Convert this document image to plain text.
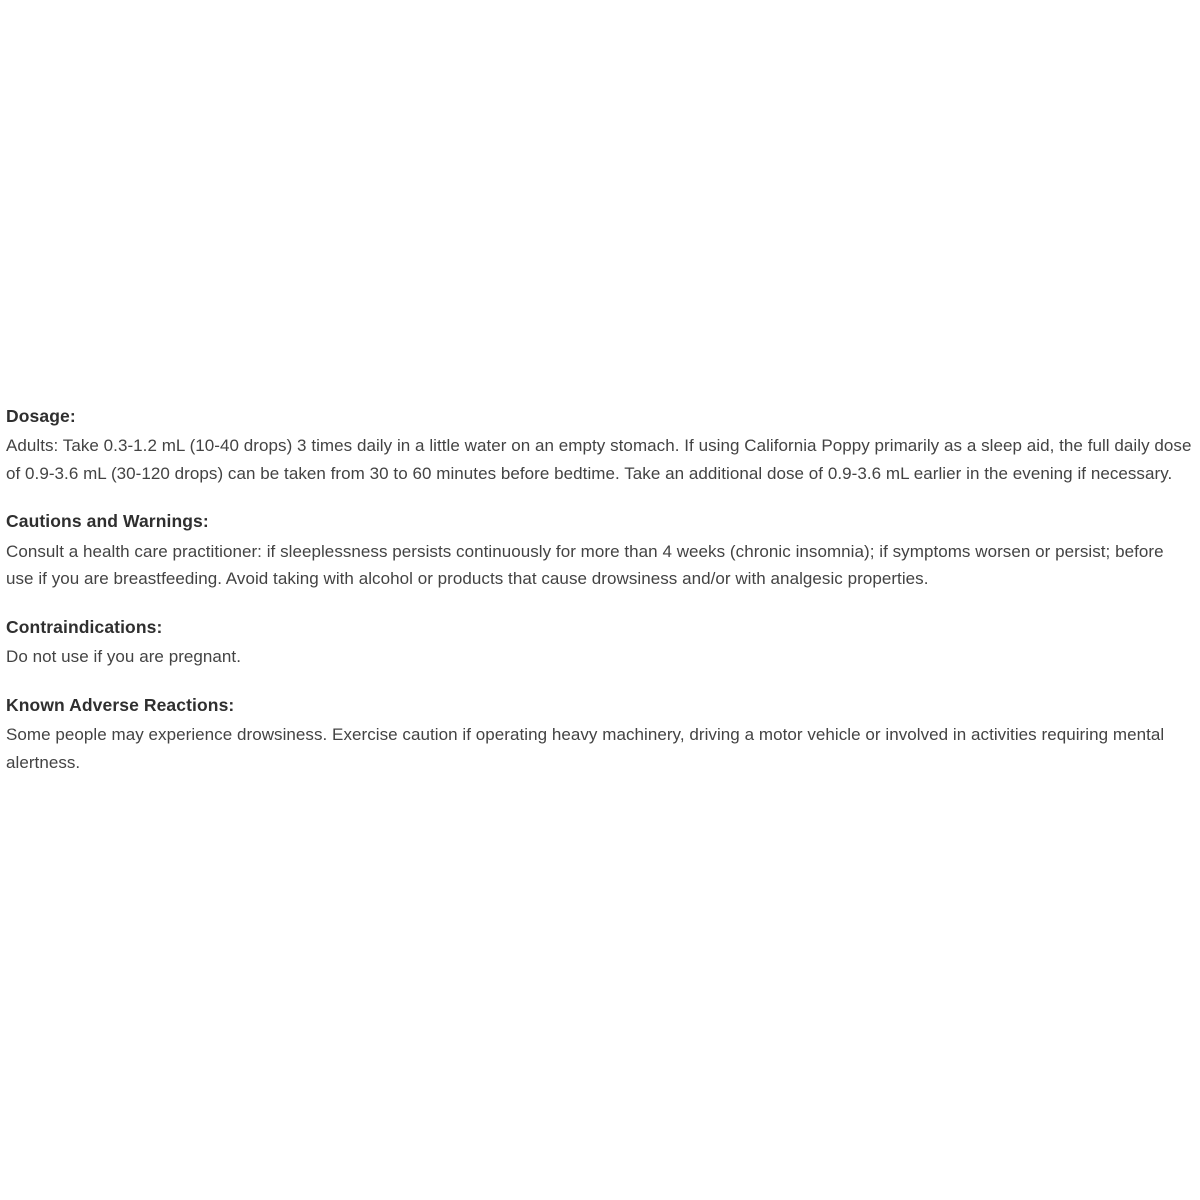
Dosage:

Adults: Take 0.3-1.2 mL (10-40 drops) 3 times daily in a little water on an empty stomach. If using California Poppy primarily as a sleep aid, the full daily dose of 0.9-3.6 mL (30-120 drops) can be taken from 30 to 60 minutes before bedtime. Take an additional dose of 0.9-3.6 mL earlier in the evening if necessary.

Cautions and Warnings:

Consult a health care practitioner: if sleeplessness persists continuously for more than 4 weeks (chronic insomnia); if symptoms worsen or persist; before use if you are breastfeeding. Avoid taking with alcohol or products that cause drowsiness and/or with analgesic properties.

Contraindications:

Do not use if you are pregnant.

Known Adverse Reactions:

Some people may experience drowsiness. Exercise caution if operating heavy machinery, driving a motor vehicle or involved in activities requiring mental alertness.
